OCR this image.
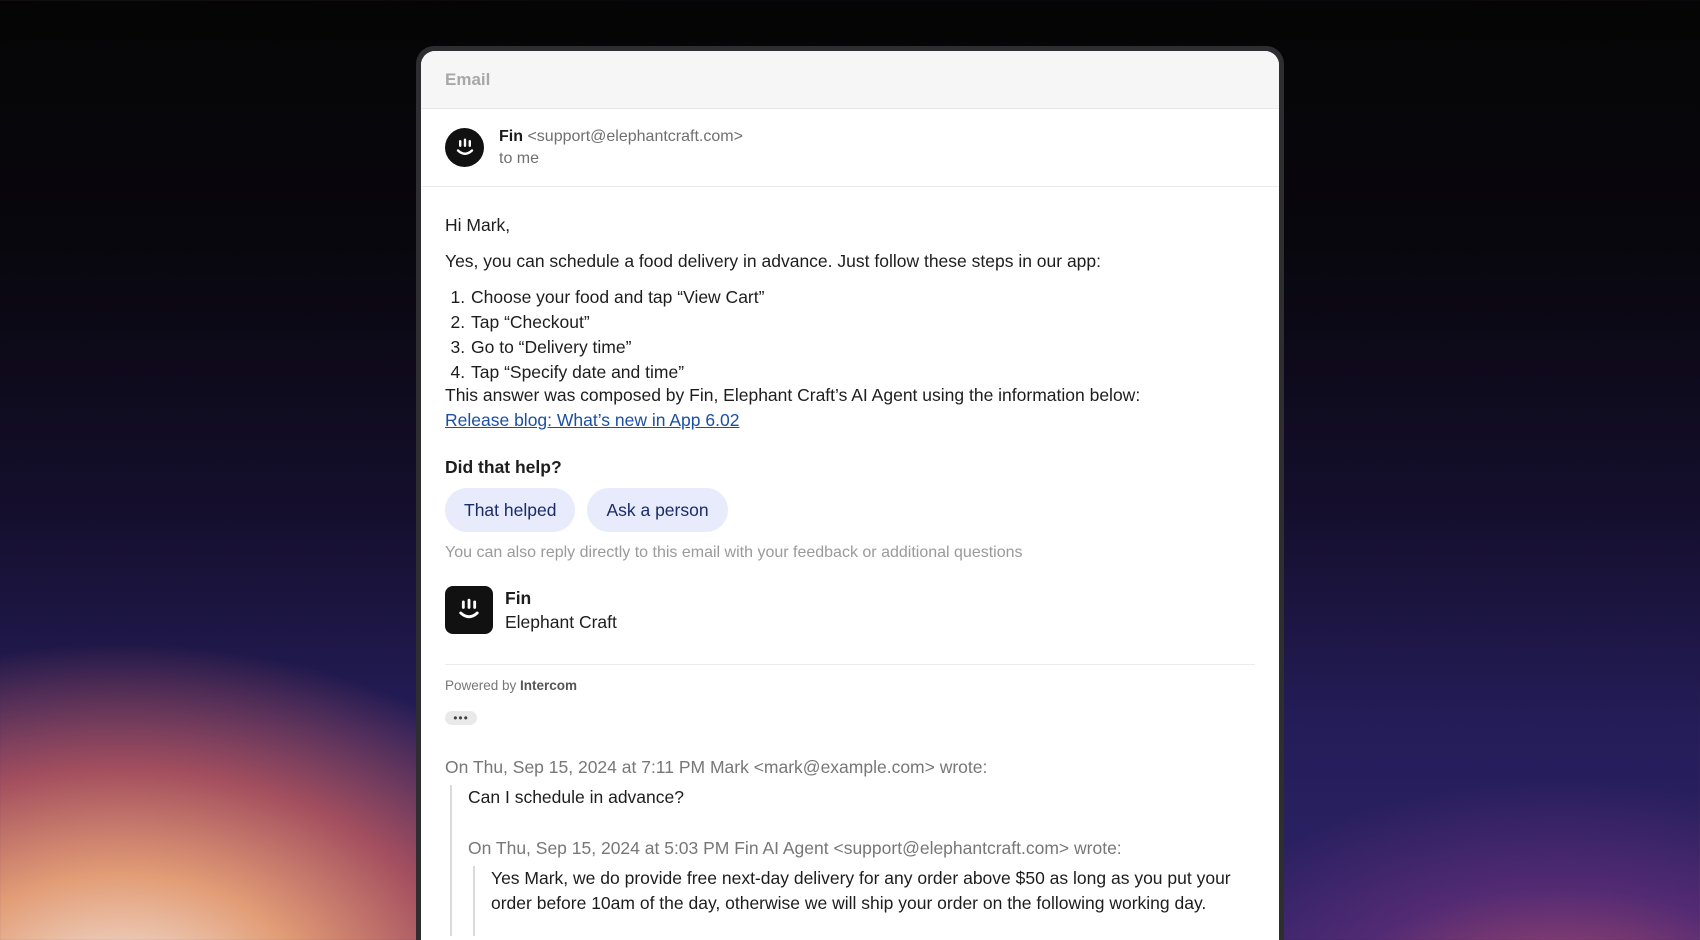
Email
Fin <support@elephantcraft.com>
to me

Hi Mark,

Yes, you can schedule a food delivery in advance. Just follow these steps in our app:

1. Choose your food and tap “View Cart”
2. Tap “Checkout”
3. Go to “Delivery time”
4. Tap “Specify date and time”

This answer was composed by Fin, Elephant Craft’s AI Agent using the information below:

Release blog: What’s new in App 6.02
Did that help?
That helped	Ask a person
You can also reply directly to this email with your feedback or additional questions
Fin
Elephant Craft
Powered by Intercom
•••
On Thu, Sep 15, 2024 at 7:11 PM Mark <mark@example.com> wrote:

Can I schedule in advance?

On Thu, Sep 15, 2024 at 5:03 PM Fin AI Agent <support@elephantcraft.com> wrote:

Yes Mark, we do provide free next-day delivery for any order above $50 as long as you put your order before 10am of the day, otherwise we will ship your order on the following working day.
